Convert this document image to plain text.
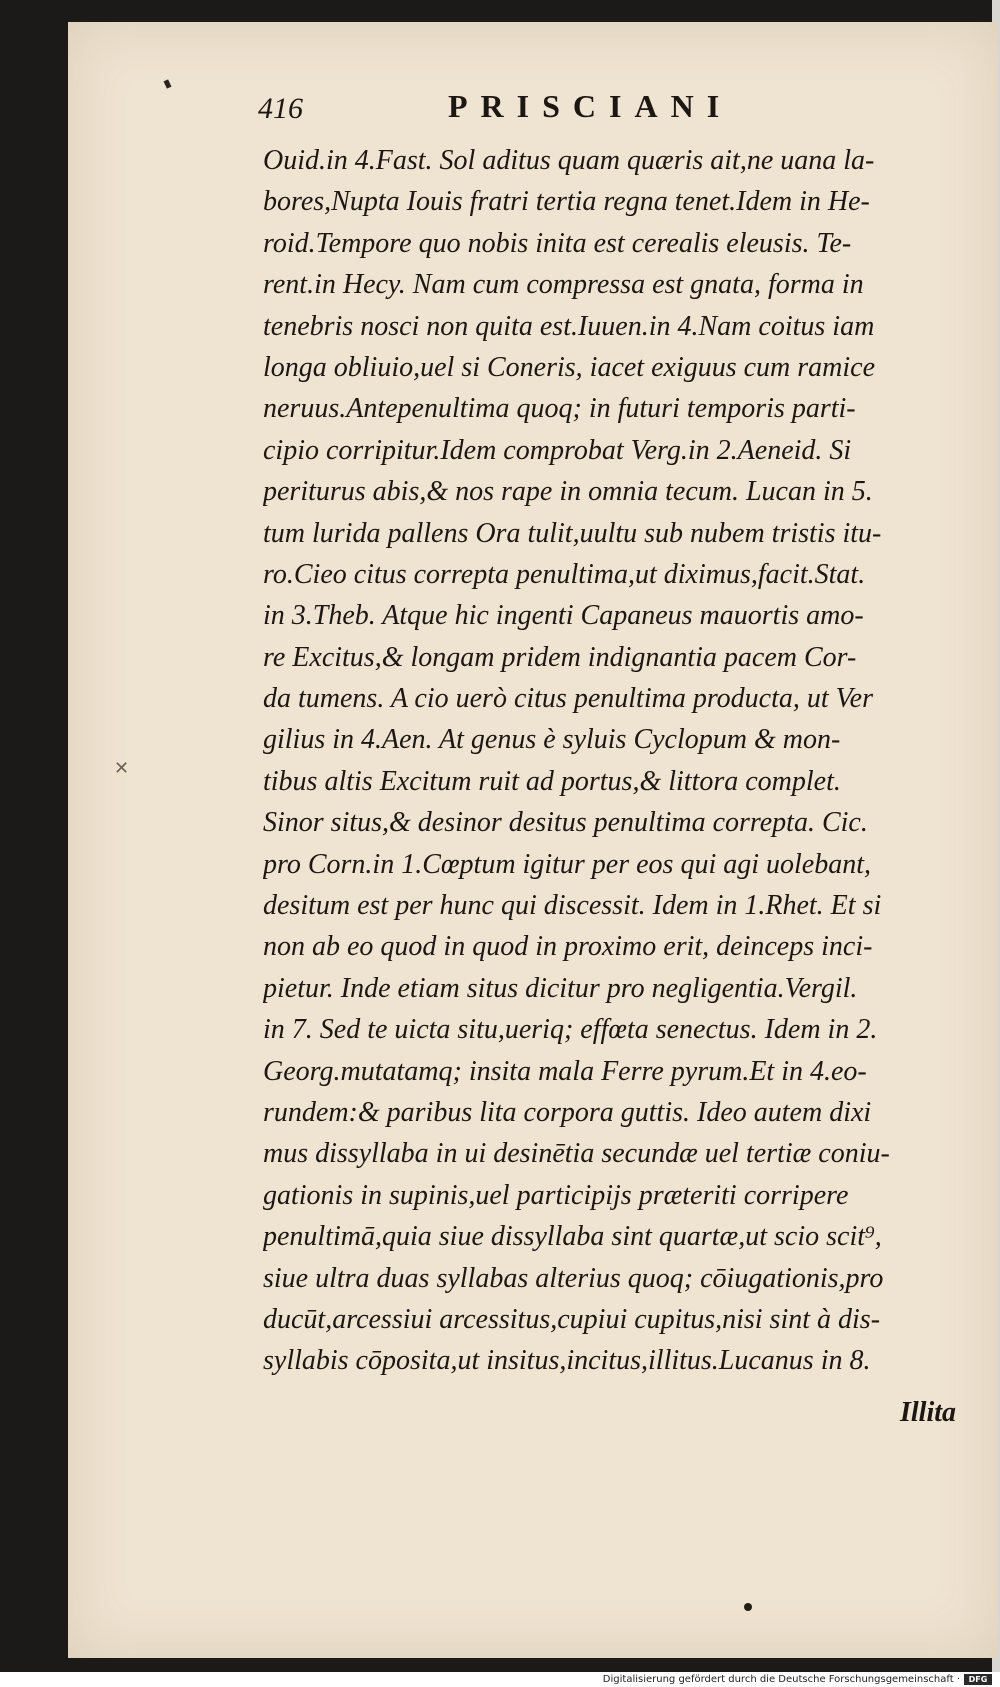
✕
416	PRISCIANI
Ouid.in 4.Fast. Sol aditus quam quæris ait,ne uana la-
bores,Nupta Iouis fratri tertia regna tenet.Idem in He-
roid.Tempore quo nobis inita est cerealis eleusis. Te-
rent.in Hecy. Nam cum compressa est gnata, forma in
tenebris nosci non quita est.Iuuen.in 4.Nam coitus iam
longa obliuio,uel si Coneris, iacet exiguus cum ramice
neruus.Antepenultima quoq; in futuri temporis parti-
cipio corripitur.Idem comprobat Verg.in 2.Aeneid. Si
periturus abis,& nos rape in omnia tecum. Lucan in 5.
tum lurida pallens Ora tulit,uultu sub nubem tristis itu-
ro.Cieo citus correpta penultima,ut diximus,facit.Stat.
in 3.Theb. Atque hic ingenti Capaneus mauortis amo-
re Excitus,& longam pridem indignantia pacem Cor-
da tumens. A cio uerò citus penultima producta, ut Ver
gilius in 4.Aen. At genus è syluis Cyclopum & mon-
tibus altis Excitum ruit ad portus,& littora complet.
Sinor situs,& desinor desitus penultima correpta. Cic.
pro Corn.in 1.Cœptum igitur per eos qui agi uolebant,
desitum est per hunc qui discessit. Idem in 1.Rhet. Et si
non ab eo quod in quod in proximo erit, deinceps inci-
pietur. Inde etiam situs dicitur pro negligentia.Vergil.
in 7. Sed te uicta situ,ueriq; effœta senectus. Idem in 2.
Georg.mutatamq; insita mala Ferre pyrum.Et in 4.eo-
rundem:& paribus lita corpora guttis. Ideo autem dixi
mus dissyllaba in ui desinētia secundæ uel tertiæ coniu-
gationis in supinis,uel participijs præteriti corripere
penultimā,quia siue dissyllaba sint quartæ,ut scio scit⁹,
siue ultra duas syllabas alterius quoq; cōiugationis,pro
ducūt,arcessiui arcessitus,cupiui cupitus,nisi sint à dis-
syllabis cōposita,ut insitus,incitus,illitus.Lucanus in 8.
Illita
Digitalisierung gefördert durch die Deutsche Forschungsgemeinschaft ·	DFG
